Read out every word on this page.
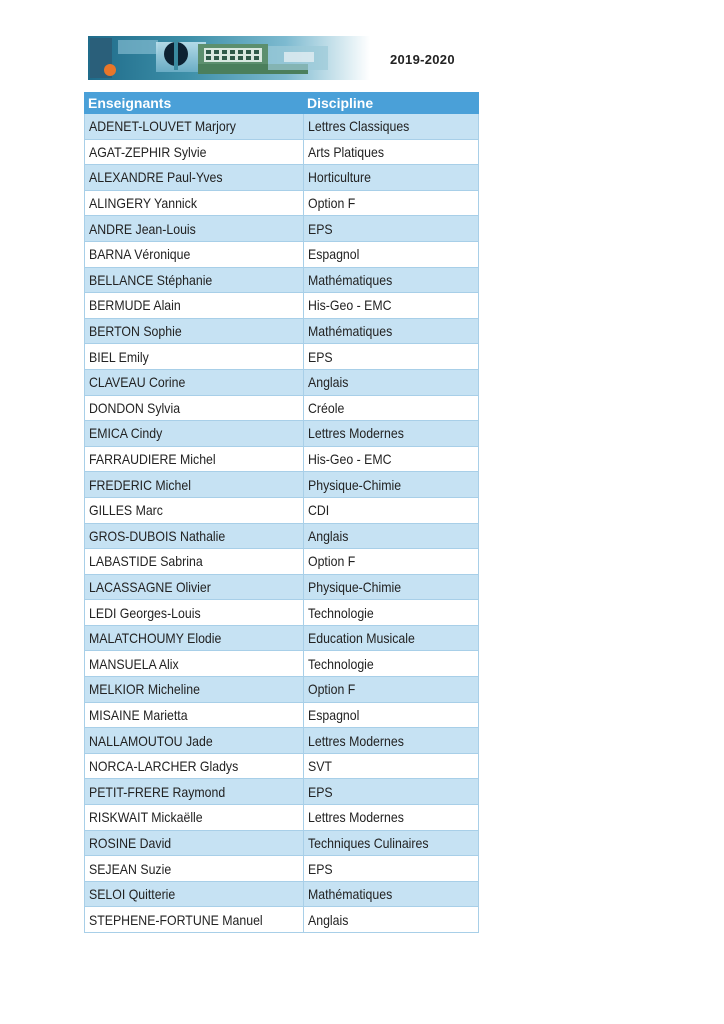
2019-2020
Enseignants	Discipline
ADENET-LOUVET Marjory	Lettres Classiques
AGAT-ZEPHIR Sylvie	Arts Platiques
ALEXANDRE Paul-Yves	Horticulture
ALINGERY Yannick	Option F
ANDRE Jean-Louis	EPS
BARNA Véronique	Espagnol
BELLANCE Stéphanie	Mathématiques
BERMUDE Alain	His-Geo - EMC
BERTON Sophie	Mathématiques
BIEL Emily	EPS
CLAVEAU Corine	Anglais
DONDON Sylvia	Créole
EMICA Cindy	Lettres Modernes
FARRAUDIERE Michel	His-Geo - EMC
FREDERIC Michel	Physique-Chimie
GILLES Marc	CDI
GROS-DUBOIS Nathalie	Anglais
LABASTIDE Sabrina	Option F
LACASSAGNE Olivier	Physique-Chimie
LEDI Georges-Louis	Technologie
MALATCHOUMY Elodie	Education Musicale
MANSUELA Alix	Technologie
MELKIOR Micheline	Option F
MISAINE Marietta	Espagnol
NALLAMOUTOU Jade	Lettres Modernes
NORCA-LARCHER Gladys	SVT
PETIT-FRERE Raymond	EPS
RISKWAIT Mickaëlle	Lettres Modernes
ROSINE David	Techniques Culinaires
SEJEAN Suzie	EPS
SELOI Quitterie	Mathématiques
STEPHENE-FORTUNE Manuel	Anglais
